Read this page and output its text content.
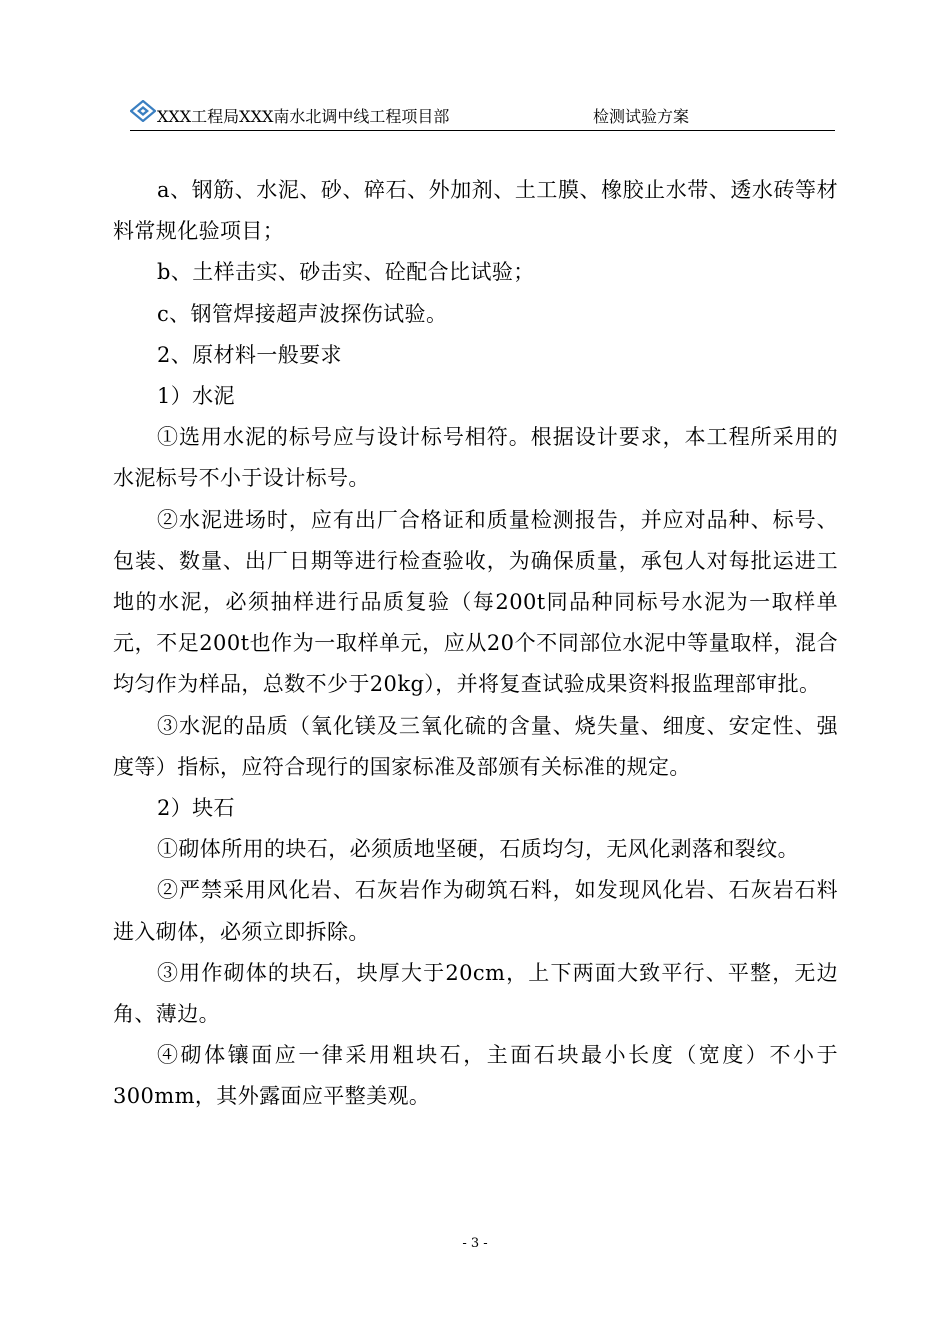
XXX工程局XXX南水北调中线工程项目部	检测试验方案

a、钢筋、水泥、砂、碎石、外加剂、土工膜、橡胶止水带、透水砖等材料常规化验项目；

b、土样击实、砂击实、砼配合比试验；

c、钢管焊接超声波探伤试验。

2、原材料一般要求

1）水泥

①选用水泥的标号应与设计标号相符。根据设计要求，本工程所采用的水泥标号不小于设计标号。

②水泥进场时，应有出厂合格证和质量检测报告，并应对品种、标号、包装、数量、出厂日期等进行检查验收，为确保质量，承包人对每批运进工地的水泥，必须抽样进行品质复验（每200t同品种同标号水泥为一取样单元，不足200t也作为一取样单元，应从20个不同部位水泥中等量取样，混合均匀作为样品，总数不少于20kg），并将复查试验成果资料报监理部审批。

③水泥的品质（氧化镁及三氧化硫的含量、烧失量、细度、安定性、强度等）指标，应符合现行的国家标准及部颁有关标准的规定。

2）块石

①砌体所用的块石，必须质地坚硬，石质均匀，无风化剥落和裂纹。

②严禁采用风化岩、石灰岩作为砌筑石料，如发现风化岩、石灰岩石料进入砌体，必须立即拆除。

③用作砌体的块石，块厚大于20cm，上下两面大致平行、平整，无边角、薄边。

④砌体镶面应一律采用粗块石，主面石块最小长度（宽度）不小于300mm，其外露面应平整美观。

- 3 -
